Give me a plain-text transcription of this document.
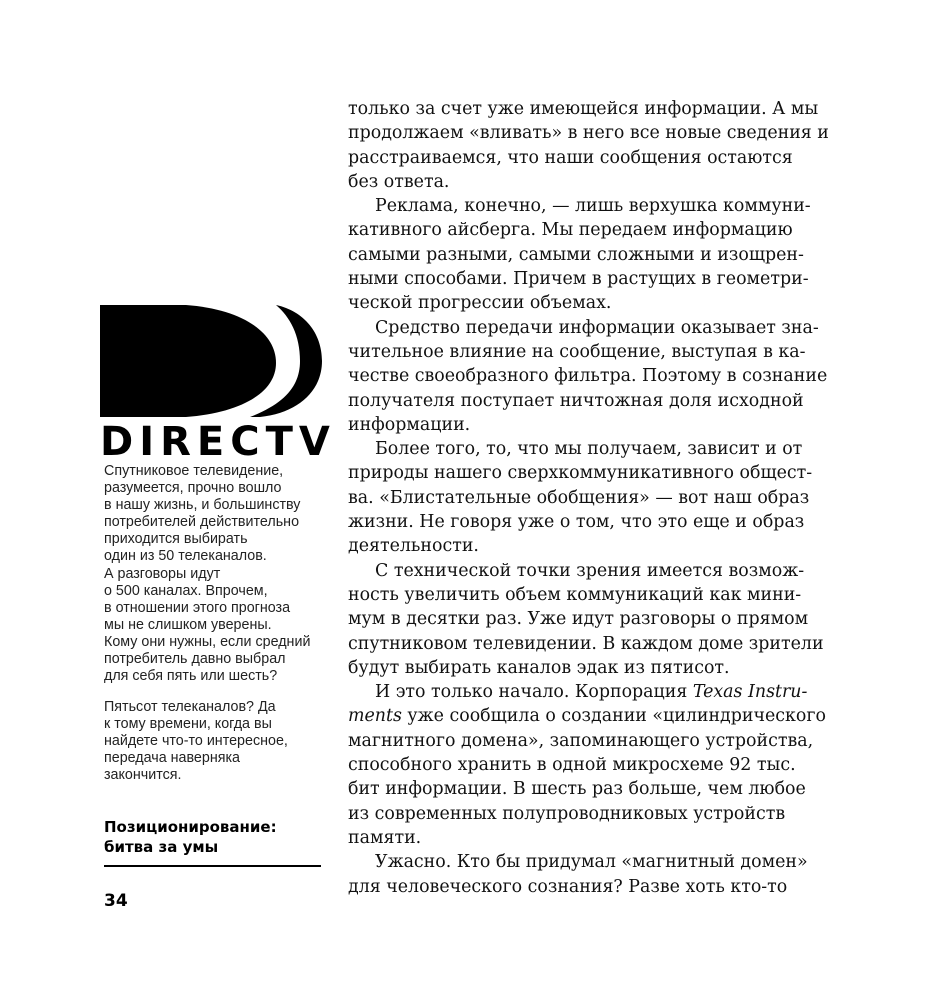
DIRECTV
Спутниковое телевидение,
разумеется, прочно вошло
в нашу жизнь, и большинству
потребителей действительно
приходится выбирать
один из 50 телеканалов.
А разговоры идут
о 500 каналах. Впрочем,
в отношении этого прогноза
мы не слишком уверены.
Кому они нужны, если средний
потребитель давно выбрал
для себя пять или шесть?
Пятьсот телеканалов? Да
к тому времени, когда вы
найдете что-то интересное,
передача наверняка
закончится.
Позиционирование:
битва за умы
34
только за счет уже имеющейся информации. А мы
продолжаем «вливать» в него все новые сведения и
расстраиваемся, что наши сообщения остаются
без ответа.
Реклама, конечно, — лишь верхушка коммуни-
кативного айсберга. Мы передаем информацию
самыми разными, самыми сложными и изощрен-
ными способами. Причем в растущих в геометри-
ческой прогрессии объемах.
Средство передачи информации оказывает зна-
чительное влияние на сообщение, выступая в ка-
честве своеобразного фильтра. Поэтому в сознание
получателя поступает ничтожная доля исходной
информации.
Более того, то, что мы получаем, зависит и от
природы нашего сверхкоммуникативного общест-
ва. «Блистательные обобщения» — вот наш образ
жизни. Не говоря уже о том, что это еще и образ
деятельности.
С технической точки зрения имеется возмож-
ность увеличить объем коммуникаций как мини-
мум в десятки раз. Уже идут разговоры о прямом
спутниковом телевидении. В каждом доме зрители
будут выбирать каналов эдак из пятисот.
И это только начало. Корпорация Texas Instru-
ments уже сообщила о создании «цилиндрического
магнитного домена», запоминающего устройства,
способного хранить в одной микросхеме 92 тыс.
бит информации. В шесть раз больше, чем любое
из современных полупроводниковых устройств
памяти.
Ужасно. Кто бы придумал «магнитный домен»
для человеческого сознания? Разве хоть кто-то
